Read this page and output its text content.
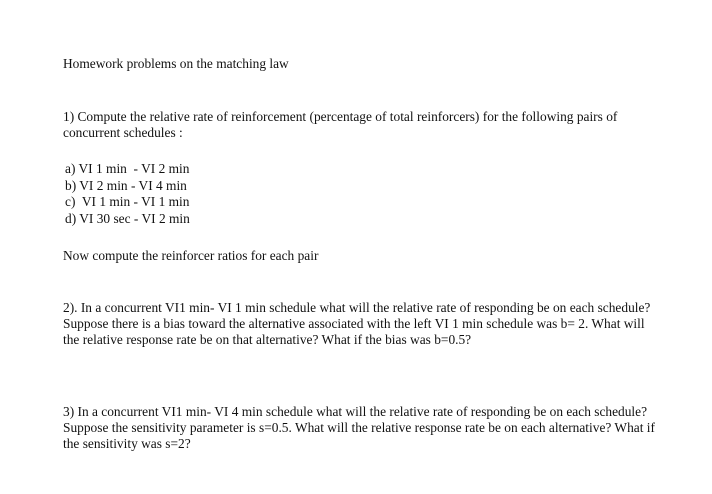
Homework problems on the matching law
1) Compute the relative rate of reinforcement (percentage of total reinforcers) for the following pairs of concurrent schedules :
a) VI 1 min  - VI 2 min
b) VI 2 min - VI 4 min
c)  VI 1 min - VI 1 min
d) VI 30 sec - VI 2 min
Now compute the reinforcer ratios for each pair
2). In a concurrent VI1 min- VI 1 min schedule what will the relative rate of responding be on each schedule? Suppose there is a bias toward the alternative associated with the left VI 1 min schedule was b= 2. What will the relative response rate be on that alternative? What if the bias was b=0.5?
3) In a concurrent VI1 min- VI 4 min schedule what will the relative rate of responding be on each schedule? Suppose the sensitivity parameter is s=0.5. What will the relative response rate be on each alternative? What if the sensitivity was s=2?
